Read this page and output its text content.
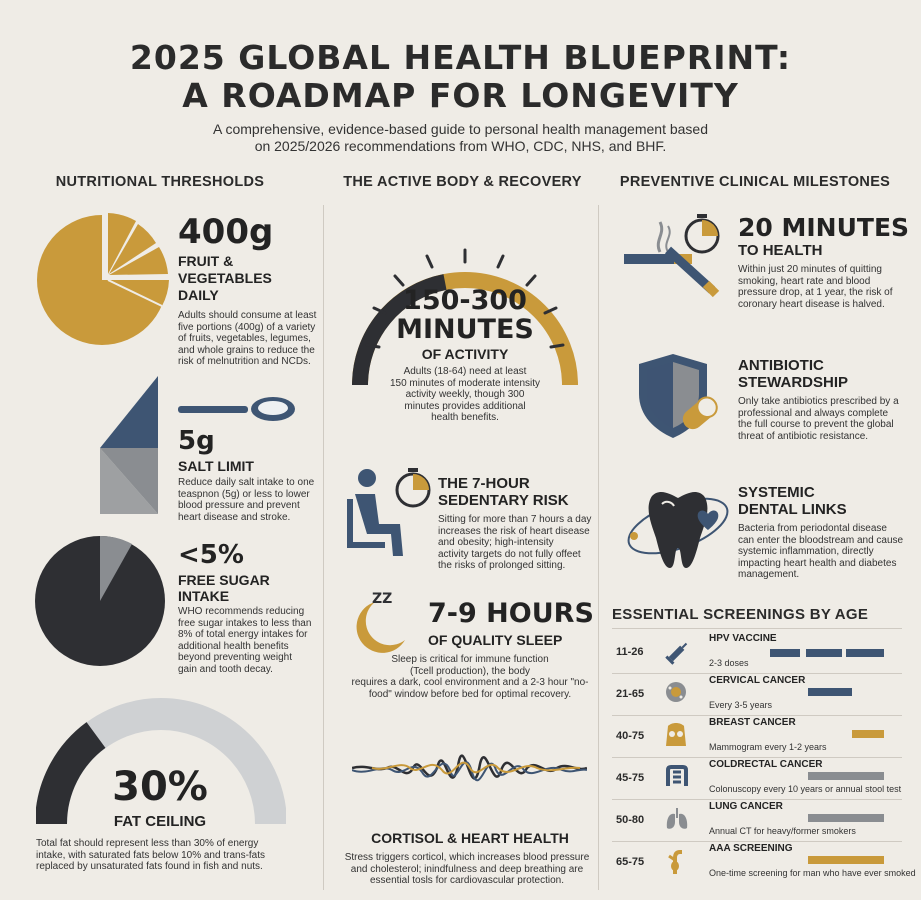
2025 GLOBAL HEALTH BLUEPRINT:
A ROADMAP FOR LONGEVITY
A comprehensive, evidence-based guide to personal health management based
on 2025/2026 recommendations from WHO, CDC, NHS, and BHF.
NUTRITIONAL THRESHOLDS	THE ACTIVE BODY & RECOVERY	PREVENTIVE CLINICAL MILESTONES
400g
FRUIT &
VEGETABLES
DAILY
Adults should consume at least
five portions (400g) of a variety
of fruits, vegetables, legumes,
and whole grains to reduce the
risk of melnutrition and NCDs.
5g
SALT LIMIT
Reduce daily salt intake to one
teaspnon (5g) or less to lower
blood pressure and prevent
heart disease and stroke.
<5%
FREE SUGAR
INTAKE
WHO recommends reducing
free sugar intakes to less than
8% of total energy intakes for
additional health benefits
beyond preventing weight
gain and tooth decay.
30%
FAT CEILING
Total fat should represent less than 30% of energy
intake, with saturated fats below 10% and trans-fats
replaced by unsaturated fats found in fish and nuts.
150-300
MINUTES
OF ACTIVITY
Adults (18-64) need at least
150 minutes of moderate intensity
activity weekly, though 300
minutes provides additional
health benefits.
THE 7-HOUR
SEDENTARY RISK
Sitting for more than 7 hours a day
increases the risk of heart disease
and obesity; high-intensity
activity targets do not fully offeet
the risks of prolonged sitting.
ZZ 7-9 HOURS
OF QUALITY SLEEP
Sleep is critical for immune function
(Tcell production), the body
requires a dark, cool environment and a 2-3 hour "no-
food" window before bed for optimal recovery.
CORTISOL & HEART HEALTH
Stress triggers corticol, which increases blood pressure
and cholesterol; inindfulness and deep breathing are
essential tosls for cardiovascular protection.
20 MINUTES
TO HEALTH
Within just 20 minutes of quitting
smoking, heart rate and blood
pressure drop, at 1 year, the risk of
coronary heart disease is halved.
ANTIBIOTIC
STEWARDSHIP
Only take antibiotics prescribed by a
professional and always complete
the full course to prevent the global
threat of antibiotic resistance.
SYSTEMIC
DENTAL LINKS
Bacteria from periodontal disease
can enter the bloodstream and cause
systemic inflammation, directly
impacting heart health and diabetes
management.
ESSENTIAL SCREENINGS BY AGE
11-26
HPV VACCINE
2-3 doses
21-65
CERVICAL CANCER
Every 3-5 years
40-75
BREAST CANCER
Mammogram every 1-2 years
45-75
COLDRECTAL CANCER
Colonuscopy every 10 years or annual stool test
50-80
LUNG CANCER
Annual CT for heavy/former smokers
65-75
AAA SCREENING
One-time screening for man who have ever smoked
